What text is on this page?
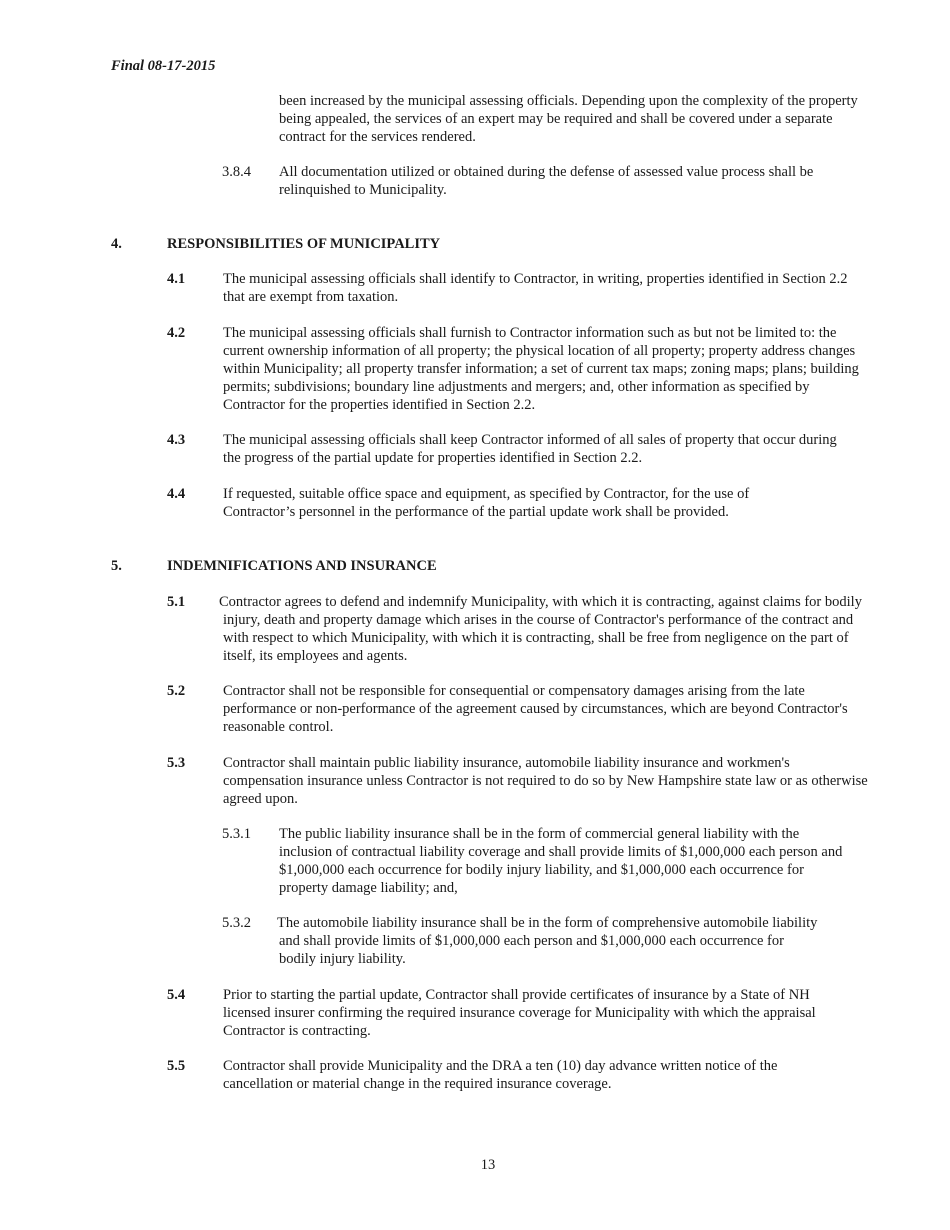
Final 08-17-2015
been increased by the municipal assessing officials. Depending upon the complexity of the property being appealed, the services of an expert may be required and shall be covered under a separate contract for the services rendered.
3.8.4 All documentation utilized or obtained during the defense of assessed value process shall be relinquished to Municipality.
4.	RESPONSIBILITIES OF MUNICIPALITY
4.1	The municipal assessing officials shall identify to Contractor, in writing, properties identified in Section 2.2 that are exempt from taxation.
4.2	The municipal assessing officials shall furnish to Contractor information such as but not be limited to: the current ownership information of all property; the physical location of all property; property address changes within Municipality; all property transfer information; a set of current tax maps; zoning maps; plans; building permits; subdivisions; boundary line adjustments and mergers; and, other information as specified by Contractor for the properties identified in Section 2.2.
4.3	The municipal assessing officials shall keep Contractor informed of all sales of property that occur during the progress of the partial update for properties identified in Section 2.2.
4.4	If requested, suitable office space and equipment, as specified by Contractor, for the use of Contractor’s personnel in the performance of the partial update work shall be provided.
5.	INDEMNIFICATIONS AND INSURANCE
5.1 Contractor agrees to defend and indemnify Municipality, with which it is contracting, against claims for bodily injury, death and property damage which arises in the course of Contractor's performance of the contract and with respect to which Municipality, with which it is contracting, shall be free from negligence on the part of itself, its employees and agents.
5.2	Contractor shall not be responsible for consequential or compensatory damages arising from the late performance or non-performance of the agreement caused by circumstances, which are beyond Contractor's reasonable control.
5.3	Contractor shall maintain public liability insurance, automobile liability insurance and workmen's compensation insurance unless Contractor is not required to do so by New Hampshire state law or as otherwise agreed upon.
5.3.1 The public liability insurance shall be in the form of commercial general liability with the inclusion of contractual liability coverage and shall provide limits of $1,000,000 each person and $1,000,000 each occurrence for bodily injury liability, and $1,000,000 each occurrence for property damage liability; and,
5.3.2 The automobile liability insurance shall be in the form of comprehensive automobile liability and shall provide limits of $1,000,000 each person and $1,000,000 each occurrence for bodily injury liability.
5.4	Prior to starting the partial update, Contractor shall provide certificates of insurance by a State of NH licensed insurer confirming the required insurance coverage for Municipality with which the appraisal Contractor is contracting.
5.5	Contractor shall provide Municipality and the DRA a ten (10) day advance written notice of the cancellation or material change in the required insurance coverage.
13
